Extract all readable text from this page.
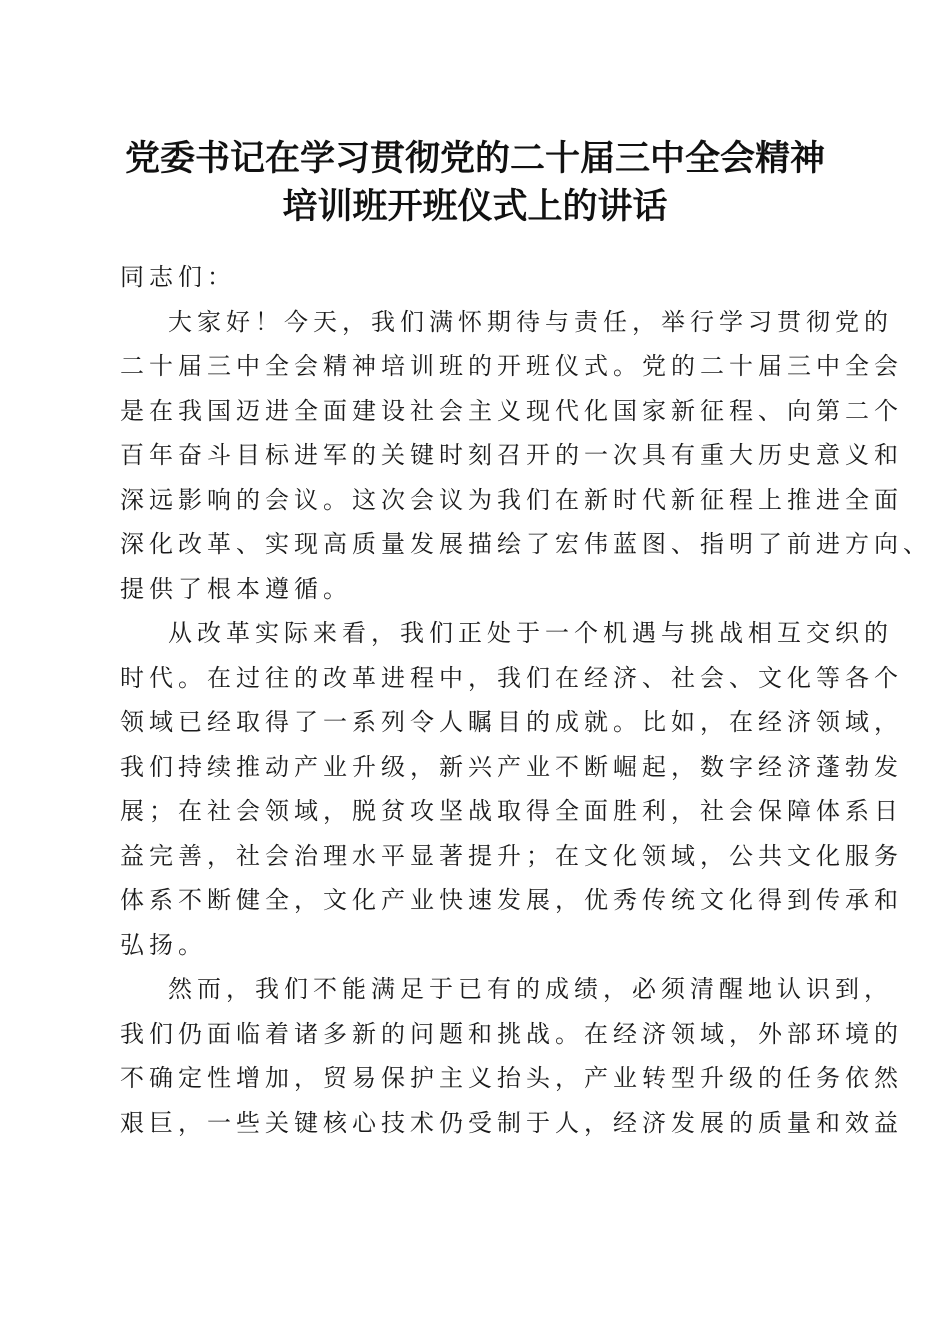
党委书记在学习贯彻党的二十届三中全会精神
培训班开班仪式上的讲话
同志们：
大家好！今天，我们满怀期待与责任，举行学习贯彻党的
二十届三中全会精神培训班的开班仪式。党的二十届三中全会
是在我国迈进全面建设社会主义现代化国家新征程、向第二个
百年奋斗目标进军的关键时刻召开的一次具有重大历史意义和
深远影响的会议。这次会议为我们在新时代新征程上推进全面
深化改革、实现高质量发展描绘了宏伟蓝图、指明了前进方向、
提供了根本遵循。
从改革实际来看，我们正处于一个机遇与挑战相互交织的
时代。在过往的改革进程中，我们在经济、社会、文化等各个
领域已经取得了一系列令人瞩目的成就。比如，在经济领域，
我们持续推动产业升级，新兴产业不断崛起，数字经济蓬勃发
展；在社会领域，脱贫攻坚战取得全面胜利，社会保障体系日
益完善，社会治理水平显著提升；在文化领域，公共文化服务
体系不断健全，文化产业快速发展，优秀传统文化得到传承和
弘扬。
然而，我们不能满足于已有的成绩，必须清醒地认识到，
我们仍面临着诸多新的问题和挑战。在经济领域，外部环境的
不确定性增加，贸易保护主义抬头，产业转型升级的任务依然
艰巨，一些关键核心技术仍受制于人，经济发展的质量和效益
